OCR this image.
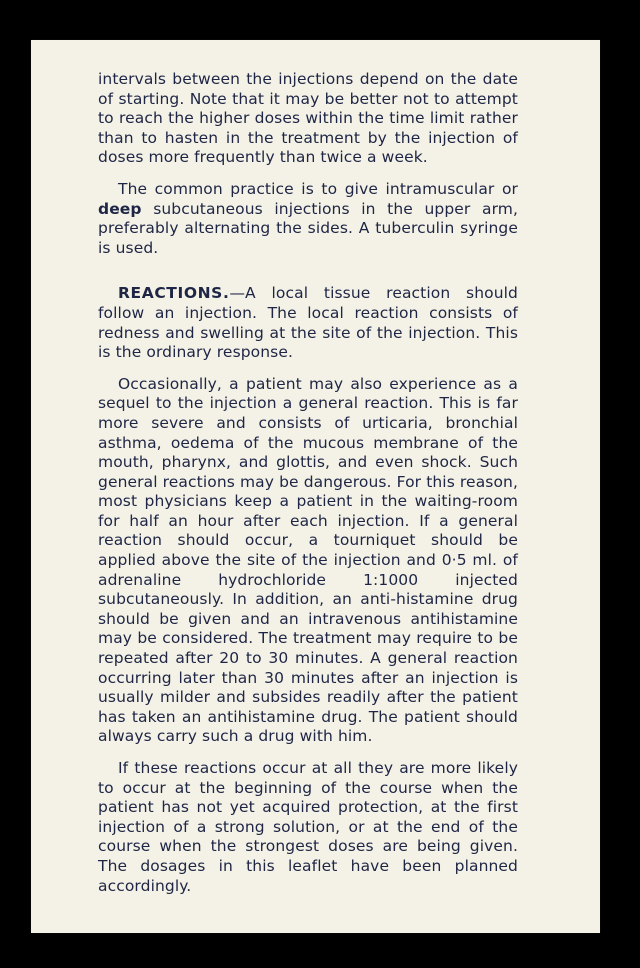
intervals between the injections depend on the date of starting. Note that it may be better not to attempt to reach the higher doses within the time limit rather than to hasten in the treatment by the injection of doses more frequently than twice a week.

The common practice is to give intramuscular or deep subcutaneous injections in the upper arm, preferably alternating the sides. A tuberculin syringe is used.

REACTIONS.—A local tissue reaction should follow an injection. The local reaction consists of redness and swelling at the site of the injection. This is the ordinary response.

Occasionally, a patient may also experience as a sequel to the injection a general reaction. This is far more severe and consists of urticaria, bronchial asthma, oedema of the mucous membrane of the mouth, pharynx, and glottis, and even shock. Such general reactions may be dangerous. For this reason, most physicians keep a patient in the waiting-room for half an hour after each injection. If a general reaction should occur, a tourniquet should be applied above the site of the injection and 0·5 ml. of adrenaline hydrochloride 1:1000 injected subcutaneously. In addition, an anti-histamine drug should be given and an intravenous antihistamine may be considered. The treatment may require to be repeated after 20 to 30 minutes. A general reaction occurring later than 30 minutes after an injection is usually milder and subsides readily after the patient has taken an antihistamine drug. The patient should always carry such a drug with him.

If these reactions occur at all they are more likely to occur at the beginning of the course when the patient has not yet acquired protection, at the first injection of a strong solution, or at the end of the course when the strongest doses are being given. The dosages in this leaflet have been planned accordingly.
